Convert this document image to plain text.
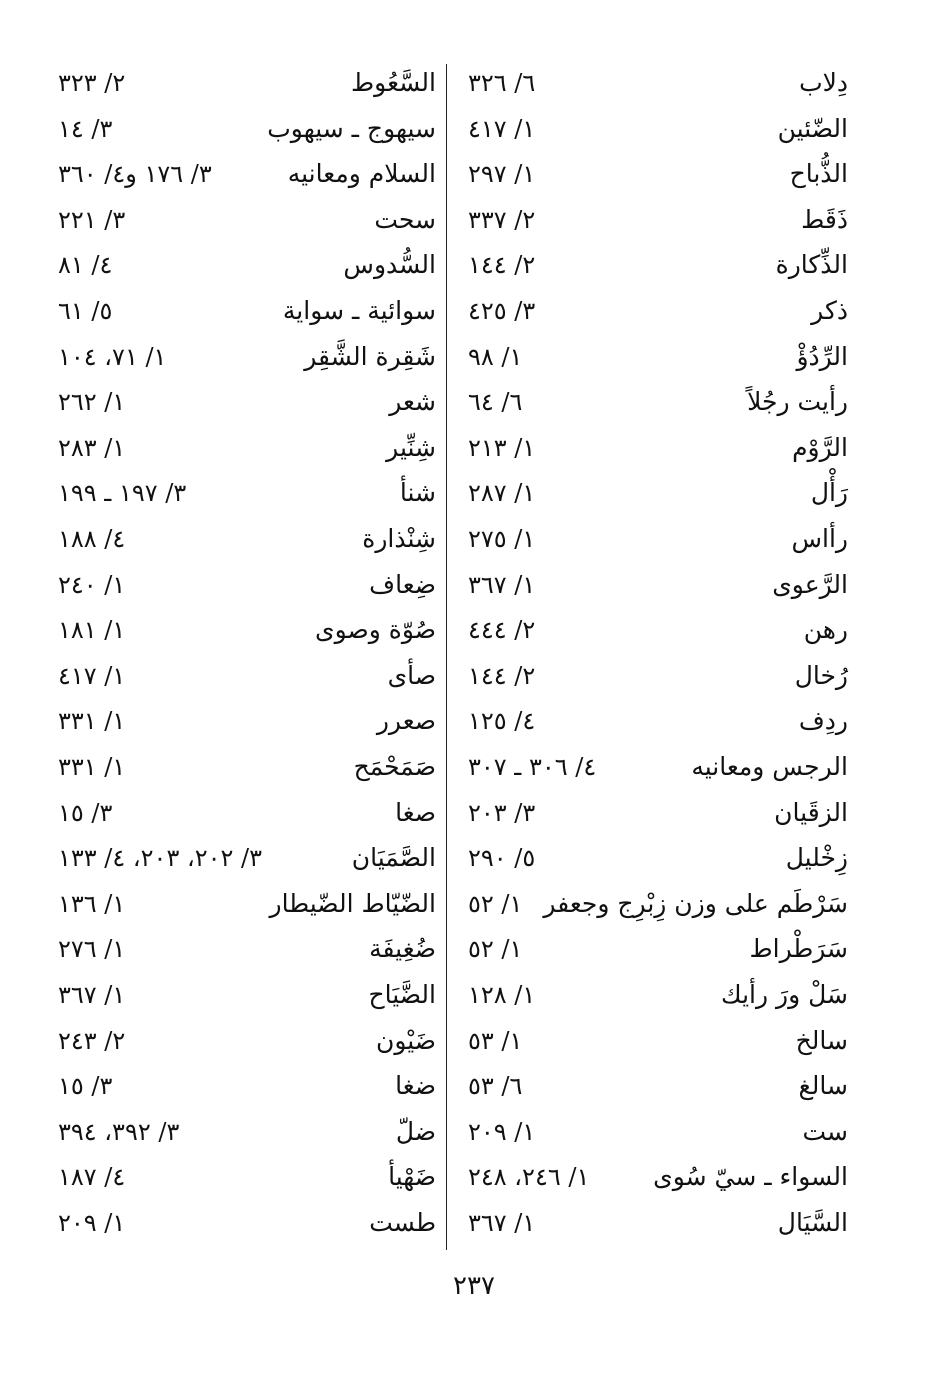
دِلاب
٦/ ٣٢٦
الضّئين
١/ ٤١٧
الذُّباح
١/ ٢٩٧
ذَقَط
٢/ ٣٣٧
الذِّكارة
٢/ ١٤٤
ذكر
٣/ ٤٢٥
الرِّدُؤْ
١/ ٩٨
رأيت رجُلاً
٦/ ٦٤
الرَّوْم
١/ ٢١٣
رَأْل
١/ ٢٨٧
رأاس
١/ ٢٧٥
الرَّعوى
١/ ٣٦٧
رهن
٢/ ٤٤٤
رُخال
٢/ ١٤٤
ردِف
٤/ ١٢٥
الرجس ومعانيه
٤/ ٣٠٦ ـ ٣٠٧
الزقَيان
٣/ ٢٠٣
زِخْليل
٥/ ٢٩٠
سَرْطَم على وزن زِبْرِج وجعفر
١/ ٥٢
سَرَطْراط
١/ ٥٢
سَلْ ورَ رأيك
١/ ١٢٨
سالخ
١/ ٥٣
سالغ
٦/ ٥٣
ست
١/ ٢٠٩
السواء ـ سيّ سُوى
١/ ٢٤٦، ٢٤٨
السَّيَال
١/ ٣٦٧
السَّعُوط
٢/ ٣٢٣
سيهوج ـ سيهوب
٣/ ١٤
السلام ومعانيه
٣/ ١٧٦ و٤/ ٣٦٠
سحت
٣/ ٢٢١
السُّدوس
٤/ ٨١
سوائية ـ سواية
٥/ ٦١
شَقِرة الشَّقِر
١/ ٧١، ١٠٤
شعر
١/ ٢٦٢
شِنِّير
١/ ٢٨٣
شنأ
٣/ ١٩٧ ـ ١٩٩
شِنْذارة
٤/ ١٨٨
ضِعاف
١/ ٢٤٠
صُوّة وصوى
١/ ١٨١
صأى
١/ ٤١٧
صعرر
١/ ٣٣١
صَمَحْمَح
١/ ٣٣١
صغا
٣/ ١٥
الصَّمَيَان
٣/ ٢٠٢، ٢٠٣، ٤/ ١٣٣
الضّيّاط الضّيطار
١/ ١٣٦
ضُغِيفَة
١/ ٢٧٦
الضَّيَاح
١/ ٣٦٧
ضَيْون
٢/ ٢٤٣
ضغا
٣/ ١٥
ضلّ
٣/ ٣٩٢، ٣٩٤
ضَهْيأ
٤/ ١٨٧
طست
١/ ٢٠٩
٢٣٧
